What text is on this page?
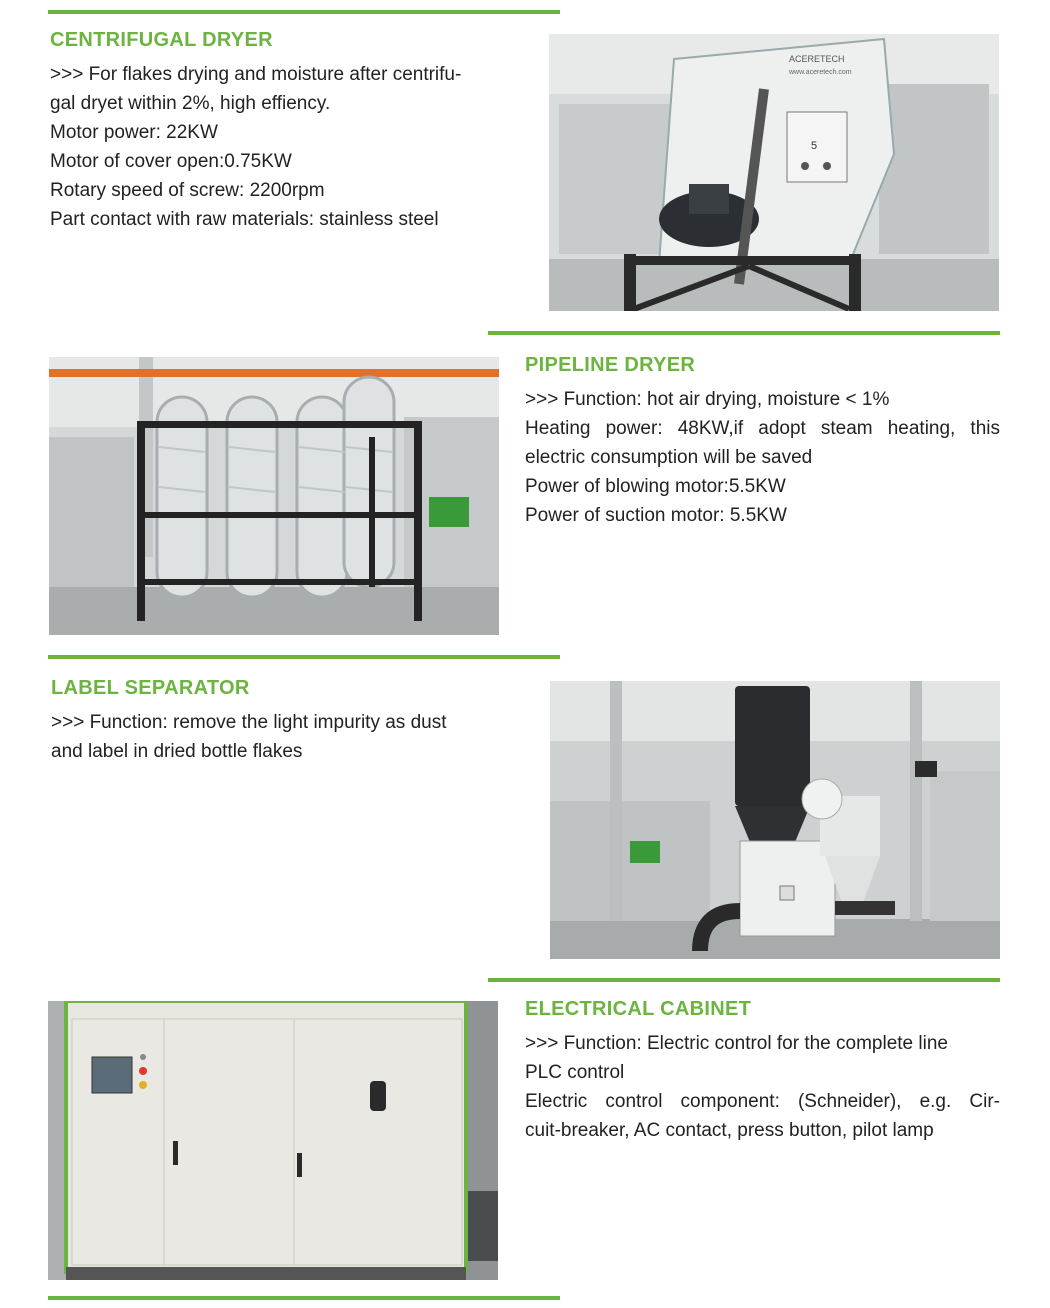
CENTRIFUGAL DRYER
>>> For flakes drying and moisture after centrifu-
gal dryet within 2%, high effiency.
Motor power: 22KW
Motor of cover open:0.75KW
Rotary speed of screw: 2200rpm
Part contact with raw materials: stainless steel
ACERETECH
www.aceretech.com
5
PIPELINE DRYER
>>> Function: hot air drying, moisture < 1%
Heating power: 48KW,if adopt steam heating, this
electric consumption will be saved
Power of blowing motor:5.5KW
Power of suction motor: 5.5KW
LABEL SEPARATOR
>>> Function: remove the light impurity as dust
and label in dried bottle flakes
ELECTRICAL CABINET
>>> Function: Electric control for the complete line
PLC control
Electric control component: (Schneider), e.g. Cir-
cuit-breaker, AC contact, press button, pilot lamp
